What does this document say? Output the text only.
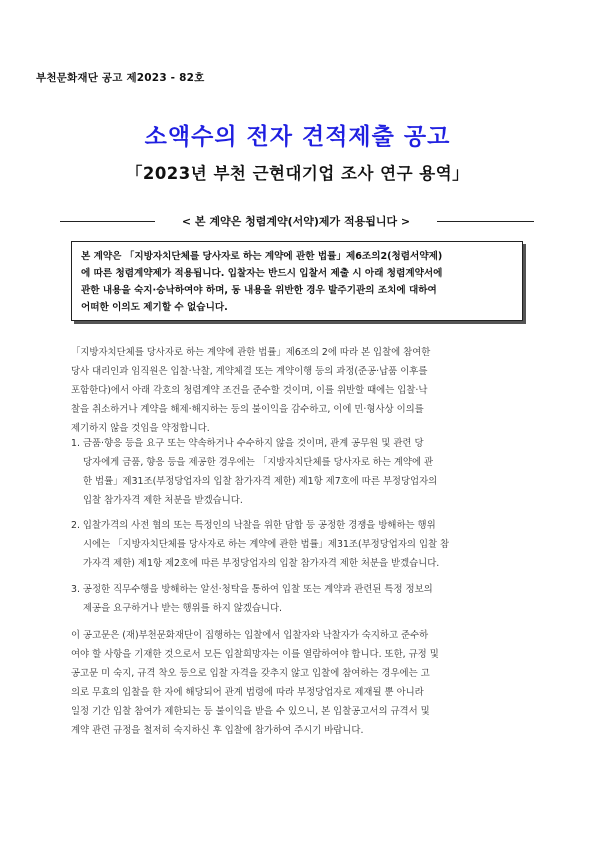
부천문화재단 공고 제2023 - 82호
소액수의 전자 견적제출 공고
「2023년 부천 근현대기업 조사 연구 용역」
< 본 계약은 청렴계약(서약)제가 적용됩니다 >

본 계약은 「지방자치단체를 당사자로 하는 계약에 관한 법률」제6조의2(청렴서약제)

에 따른 청렴계약제가 적용됩니다. 입찰자는 반드시 입찰서 제출 시 아래 청렴계약서에

관한 내용을 숙지·승낙하여야 하며, 동 내용을 위반한 경우 발주기관의 조치에 대하여

어떠한 이의도 제기할 수 없습니다.

「지방자치단체를 당사자로 하는 계약에 관한 법률」제6조의 2에 따라 본 입찰에 참여한

당사 대리인과 임직원은 입찰·낙찰, 계약체결 또는 계약이행 등의 과정(준공·납품 이후를

포함한다)에서 아래 각호의 청렴계약 조건을 준수할 것이며, 이를 위반할 때에는 입찰·낙

찰을 취소하거나 계약을 해제·해지하는 등의 불이익을 감수하고, 이에 민·형사상 이의를

제기하지 않을 것임을 약정합니다.

1. 금품·향응 등을 요구 또는 약속하거나 수수하지 않을 것이며, 관계 공무원 및 관련 당

당자에게 금품, 향응 등을 제공한 경우에는 「지방자치단체를 당사자로 하는 계약에 관

한 법률」제31조(부정당업자의 입찰 참가자격 제한) 제1항 제7호에 따른 부정당업자의

입찰 참가자격 제한 처분을 받겠습니다.

2. 입찰가격의 사전 협의 또는 특정인의 낙찰을 위한 담합 등 공정한 경쟁을 방해하는 행위

시에는 「지방자치단체를 당사자로 하는 계약에 관한 법률」제31조(부정당업자의 입찰 참

가자격 제한) 제1항 제2호에 따른 부정당업자의 입찰 참가자격 제한 처분을 받겠습니다.

3. 공정한 직무수행을 방해하는 알선·청탁을 통하여 입찰 또는 계약과 관련된 특정 정보의

제공을 요구하거나 받는 행위를 하지 않겠습니다.

이 공고문은 (재)부천문화재단이 집행하는 입찰에서 입찰자와 낙찰자가 숙지하고 준수하

여야 할 사항을 기재한 것으로서 모든 입찰희망자는 이를 열람하여야 합니다. 또한, 규정 및

공고문 미 숙지, 규격 착오 등으로 입찰 자격을 갖추지 않고 입찰에 참여하는 경우에는 고

의로 무효의 입찰을 한 자에 해당되어 관계 법령에 따라 부정당업자로 제재될 뿐 아니라

일정 기간 입찰 참여가 제한되는 등 불이익을 받을 수 있으니, 본 입찰공고서의 규격서 및

계약 관련 규정을 철저히 숙지하신 후 입찰에 참가하여 주시기 바랍니다.
